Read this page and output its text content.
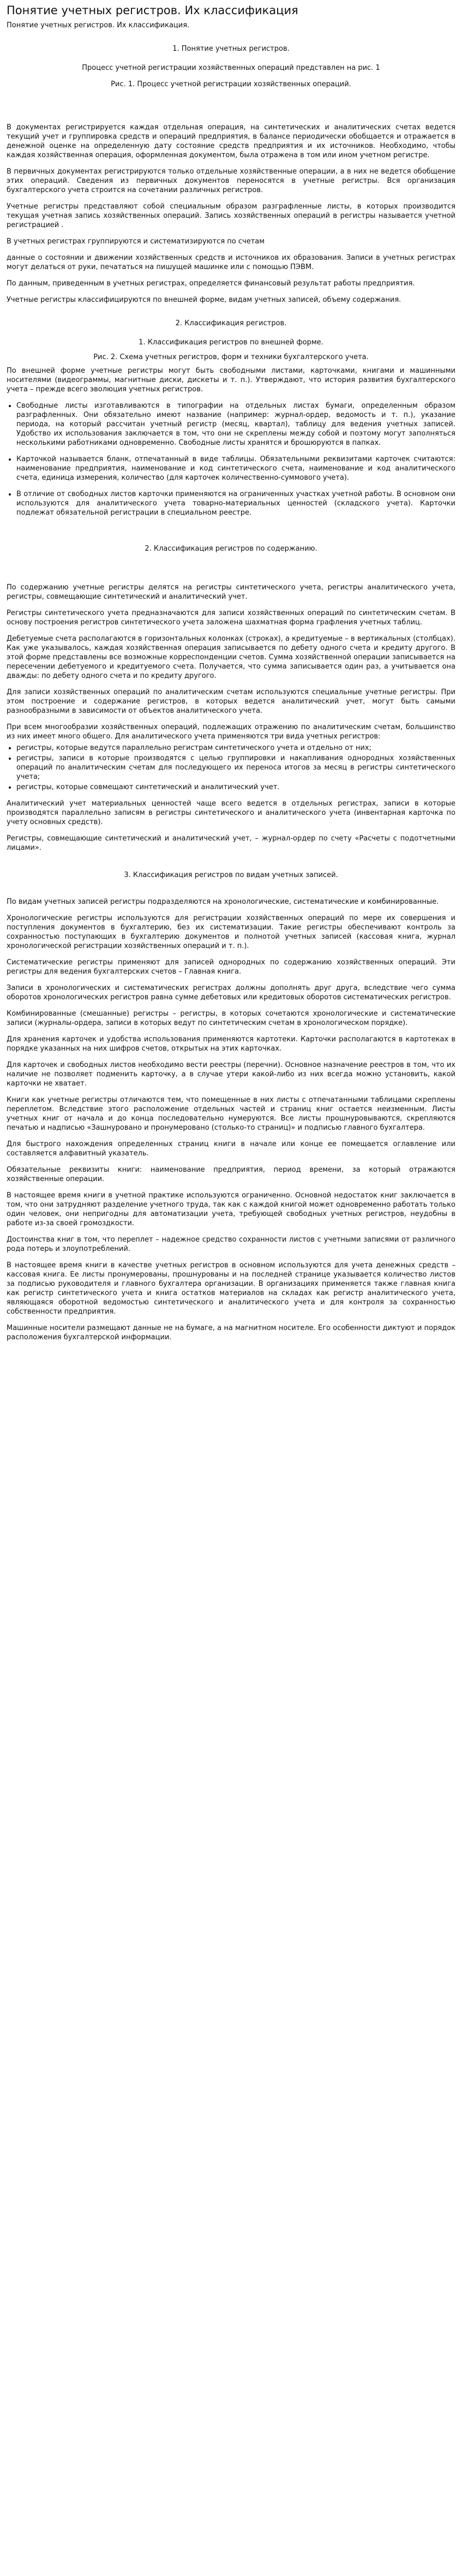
Понятие учетных регистров. Их классификация

Понятие учетных регистров. Их классификация.

1. Понятие учетных регистров.

Процесс учетной регистрации хозяйственных операций представлен на рис. 1

Рис. 1. Процесс учетной регистрации хозяйственных операций.

В документах регистрируется каждая отдельная операция, на синтетических и аналитических счетах ведется текущий учет и группировка средств и операций предприятия, в балансе периодически обобщается и отражается в денежной оценке на определенную дату состояние средств предприятия и их источников. Необходимо, чтобы каждая хозяйственная операция, оформленная документом, была отражена в том или ином учетном регистре.

В первичных документах регистрируются только отдельные хозяйственные операции, а в них не ведется обобщение этих операций. Сведения из первичных документов переносятся в учетные регистры. Вся организация бухгалтерского учета строится на сочетании различных регистров.

Учетные регистры представляют собой специальным образом разграфленные листы, в которых производится текущая учетная запись хозяйственных операций. Запись хозяйственных операций в регистры называется учетной регистрацией .

В учетных регистрах группируются и систематизируются по счетам

данные о состоянии и движении хозяйственных средств и источников их образования. Записи в учетных регистрах могут делаться от руки, печататься на пишущей машинке или с помощью ПЭВМ.

По данным, приведенным в учетных регистрах, определяется финансовый результат работы предприятия.

Учетные регистры классифицируются по внешней форме, видам учетных записей, объему содержания.

2. Классификация регистров.

1. Классификация регистров по внешней форме.

Рис. 2. Схема учетных регистров, форм и техники бухгалтерского учета.

По внешней форме учетные регистры могут быть свободными листами, карточками, книгами и машинными носителями (видеограммы, магнитные диски, дискеты и т. п.). Утверждают, что история развития бухгалтерского учета – прежде всего эволюция учетных регистров.

• Свободные листы изготавливаются в типографии на отдельных листах бумаги, определенным образом разграфленных. Они обязательно имеют название (например: журнал-ордер, ведомость и т. п.), указание периода, на который рассчитан учетный регистр (месяц, квартал), таблицу для ведения учетных записей. Удобство их использования заключается в том, что они не скреплены между собой и поэтому могут заполняться несколькими работниками одновременно. Свободные листы хранятся и брошюруются в папках.
• Карточкой называется бланк, отпечатанный в виде таблицы. Обязательными реквизитами карточек считаются: наименование предприятия, наименование и код синтетического счета, наименование и код аналитического счета, единица измерения, количество (для карточек количественно-суммового учета).
• В отличие от свободных листов карточки применяются на ограниченных участках учетной работы. В основном они используются для аналитического учета товарно-материальных ценностей (складского учета). Карточки подлежат обязательной регистрации в специальном реестре.

2. Классификация регистров по содержанию.

По содержанию учетные регистры делятся на регистры синтетического учета, регистры аналитического учета, регистры, совмещающие синтетический и аналитический учет.

Регистры синтетического учета предназначаются для записи хозяйственных операций по синтетическим счетам. В основу построения регистров синтетического учета заложена шахматная форма графления учетных таблиц.

Дебетуемые счета располагаются в горизонтальных колонках (строках), а кредитуемые – в вертикальных (столбцах). Как уже указывалось, каждая хозяйственная операция записывается по дебету одного счета и кредиту другого. В этой форме представлены все возможные корреспонденции счетов. Сумма хозяйственной операции записывается на пересечении дебетуемого и кредитуемого счета. Получается, что сумма записывается один раз, а учитывается она дважды: по дебету одного счета и по кредиту другого.

Для записи хозяйственных операций по аналитическим счетам используются специальные учетные регистры. При этом построение и содержание регистров, в которых ведется аналитический учет, могут быть самыми разнообразными в зависимости от объектов аналитического учета.

При всем многообразии хозяйственных операций, подлежащих отражению по аналитическим счетам, большинство из них имеет много общего. Для аналитического учета применяются три вида учетных регистров:

• регистры, которые ведутся параллельно регистрам синтетического учета и отдельно от них;
• регистры, записи в которые производятся с целью группировки и накапливания однородных хозяйственных операций по аналитическим счетам для последующего их переноса итогов за месяц в регистры синтетического учета;
• регистры, которые совмещают синтетический и аналитический учет.

Аналитический учет материальных ценностей чаще всего ведется в отдельных регистрах, записи в которые производятся параллельно записям в регистры синтетического и аналитического учета (инвентарная карточка по учету основных средств).

Регистры, совмещающие синтетический и аналитический учет, – журнал-ордер по счету «Расчеты с подотчетными лицами».

3. Классификация регистров по видам учетных записей.

По видам учетных записей регистры подразделяются на хронологические, систематические и комбинированные.

Хронологические регистры используются для регистрации хозяйственных операций по мере их совершения и поступления документов в бухгалтерию, без их систематизации. Такие регистры обеспечивают контроль за сохранностью поступающих в бухгалтерию документов и полнотой учетных записей (кассовая книга, журнал хронологической регистрации хозяйственных операций и т. п.).

Систематические регистры применяют для записей однородных по содержанию хозяйственных операций. Эти регистры для ведения бухгалтерских счетов – Главная книга.

Записи в хронологических и систематических регистрах должны дополнять друг друга, вследствие чего сумма оборотов хронологических регистров равна сумме дебетовых или кредитовых оборотов систематических регистров.

Комбинированные (смешанные) регистры – регистры, в которых сочетаются хронологические и систематические записи (журналы-ордера, записи в которых ведут по синтетическим счетам в хронологическом порядке).

Для хранения карточек и удобства использования применяются картотеки. Карточки располагаются в картотеках в порядке указанных на них шифров счетов, открытых на этих карточках.

Для карточек и свободных листов необходимо вести реестры (перечни). Основное назначение реестров в том, что их наличие не позволяет подменить карточку, а в случае утери какой-либо из них всегда можно установить, какой карточки не хватает.

Книги как учетные регистры отличаются тем, что помещенные в них листы с отпечатанными таблицами скреплены переплетом. Вследствие этого расположение отдельных частей и страниц книг остается неизменным. Листы учетных книг от начала и до конца последовательно нумеруются. Все листы прошнуровываются, скрепляются печатью и надписью «Зашнуровано и пронумеровано (столько-то страниц)» и подписью главного бухгалтера.

Для быстрого нахождения определенных страниц книги в начале или конце ее помещается оглавление или составляется алфавитный указатель.

Обязательные реквизиты книги: наименование предприятия, период времени, за который отражаются хозяйственные операции.

В настоящее время книги в учетной практике используются ограниченно. Основной недостаток книг заключается в том, что они затрудняют разделение учетного труда, так как с каждой книгой может одновременно работать только один человек, они непригодны для автоматизации учета, требующей свободных учетных регистров, неудобны в работе из-за своей громоздкости.

Достоинства книг в том, что переплет – надежное средство сохранности листов с учетными записями от различного рода потерь и злоупотреблений.

В настоящее время книги в качестве учетных регистров в основном используются для учета денежных средств – кассовая книга. Ее листы пронумерованы, прошнурованы и на последней странице указывается количество листов за подписью руководителя и главного бухгалтера организации. В организациях применяется также главная книга как регистр синтетического учета и книга остатков материалов на складах как регистр аналитического учета, являющаяся оборотной ведомостью синтетического и аналитического учета и для контроля за сохранностью собственности предприятия.

Машинные носители размещают данные не на бумаге, а на магнитном носителе. Его особенности диктуют и порядок расположения бухгалтерской информации.
